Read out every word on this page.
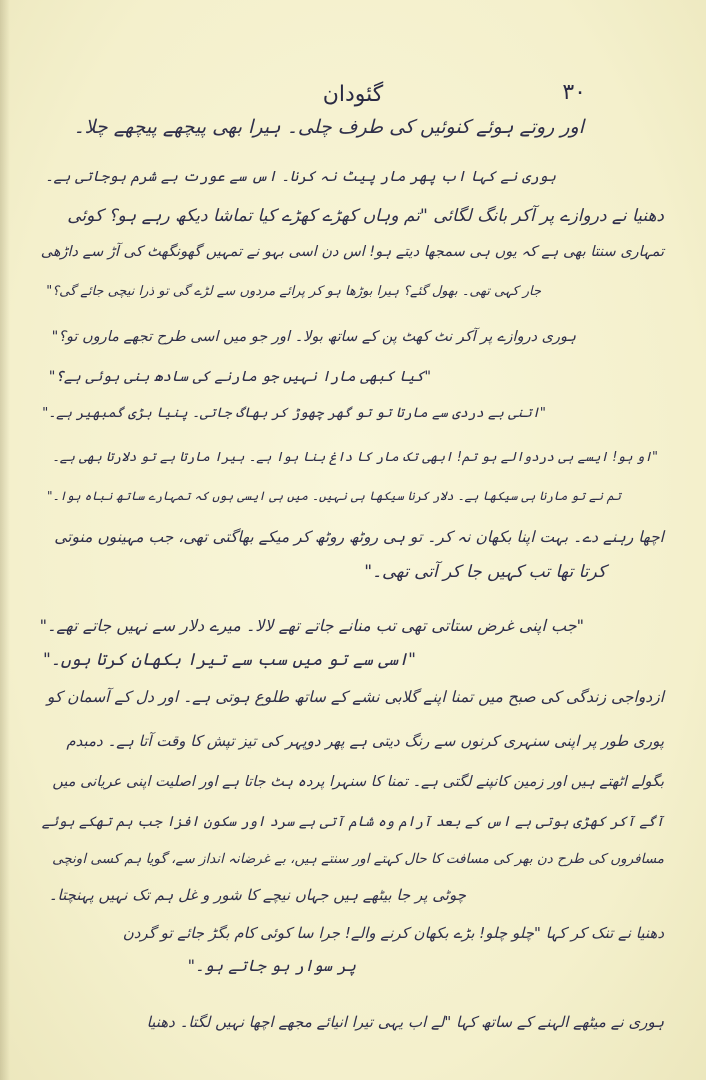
گئودان	۳۰
اور روتے ہوئے کنوئیں کی طرف چلی۔ ہیرا بھی پیچھے پیچھے چلا۔
ہوری نے کہا اب پھر مار پیٹ نہ کرنا۔ اس سے عورت بے شرم ہوجاتی ہے۔
دھنیا نے دروازے پر آکر بانگ لگائی "تم وہاں کھڑے کھڑے کیا تماشا دیکھ رہے ہو؟ کوئی
تمہاری سنتا بھی ہے کہ یوں ہی سمجھا دیتے ہو! اس دن اسی بہو نے تمہیں گھونگھٹ کی آڑ سے داڑھی
جار کہی تھی۔ بھول گئے؟ ہیرا بوڑھا ہو کر پرائے مردوں سے لڑے گی تو ذرا نیچی جائے گی؟"
ہوری دروازے پر آکر نٹ کھٹ پن کے ساتھ بولا۔ اور جو میں اسی طرح تجھے ماروں تو؟"
"کیا کبھی مارا نہیں جو مارنے کی سادھ بنی ہوئی ہے؟"
"اتنی بے دردی سے مارتا تو تو گھر چھوڑ کر بھاگ جاتی۔ پنیا بڑی گمبھیر ہے۔"
"او ہو! ایسے ہی دردوالے ہو تم! ابھی تک مار کا داغ بنا ہوا ہے۔ ہیرا مارتا ہے تو دلارتا بھی ہے۔
تم نے تو مارنا ہی سیکھا ہے۔ دلار کرنا سیکھا ہی نہیں۔ میں ہی ایسی ہوں کہ تمہارے ساتھ نباہ ہوا۔"
اچھا رہنے دے۔ بہت اپنا بکھان نہ کر۔ تو ہی روٹھ روٹھ کر میکے بھاگتی تھی، جب مہینوں منوتی
کرتا تھا تب کہیں جا کر آتی تھی۔"
"جب اپنی غرض ستاتی تھی تب منانے جاتے تھے لالا۔ میرے دلار سے نہیں جاتے تھے۔"
"اسی سے تو میں سب سے تیرا بکھان کرتا ہوں۔"
ازدواجی زندگی کی صبح میں تمنا اپنے گلابی نشے کے ساتھ طلوع ہوتی ہے۔ اور دل کے آسمان کو
پوری طور پر اپنی سنہری کرنوں سے رنگ دیتی ہے پھر دوپہر کی تیز تپش کا وقت آتا ہے۔ دمبدم
بگولے اٹھتے ہیں اور زمین کانپنے لگتی ہے۔ تمنا کا سنہرا پردہ ہٹ جاتا ہے اور اصلیت اپنی عریانی میں
آگے آکر کھڑی ہوتی ہے اس کے بعد آرام وہ شام آتی ہے سرد اور سکون افزا جب ہم تھکے ہوئے
مسافروں کی طرح دن بھر کی مسافت کا حال کہتے اور سنتے ہیں، بے غرضانہ انداز سے، گویا ہم کسی اونچی
چوٹی پر جا بیٹھے ہیں جہاں نیچے کا شور و غل ہم تک نہیں پہنچتا۔
دھنیا نے تنک کر کہا "چلو چلو! بڑے بکھان کرنے والے! جرا سا کوئی کام بگڑ جائے تو گردن
پر سوار ہو جاتے ہو۔"
ہوری نے میٹھے الہنے کے ساتھ کہا "لے اب یہی تیرا انیائے مجھے اچھا نہیں لگتا۔ دھنیا
